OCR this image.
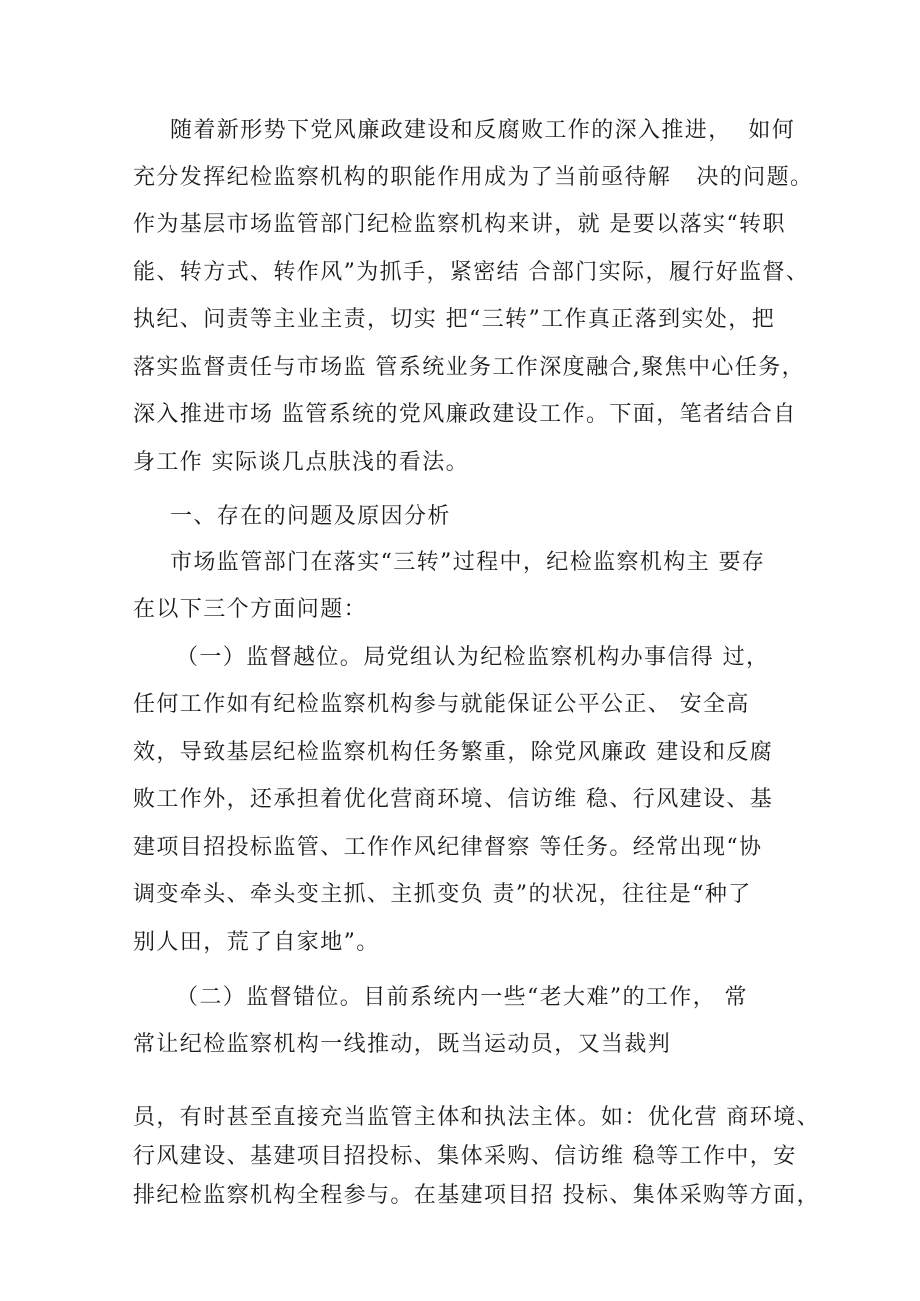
随着新形势下党风廉政建设和反腐败工作的深入推进，  如何
充分发挥纪检监察机构的职能作用成为了当前亟待解   决的问题。
作为基层市场监管部门纪检监察机构来讲，就 是要以落实“转职
能、转方式、转作风”为抓手，紧密结 合部门实际，履行好监督、
执纪、问责等主业主责，切实 把“三转”工作真正落到实处，把
落实监督责任与市场监 管系统业务工作深度融合,聚焦中心任务，
深入推进市场 监管系统的党风廉政建设工作。下面，笔者结合自
身工作 实际谈几点肤浅的看法。
一、存在的问题及原因分析
市场监管部门在落实“三转”过程中，纪检监察机构主 要存
在以下三个方面问题：
（一）监督越位。局党组认为纪检监察机构办事信得 过，
任何工作如有纪检监察机构参与就能保证公平公正、 安全高
效，导致基层纪检监察机构任务繁重，除党风廉政 建设和反腐
败工作外，还承担着优化营商环境、信访维 稳、行风建设、基
建项目招投标监管、工作作风纪律督察 等任务。经常出现“协
调变牵头、牵头变主抓、主抓变负 责”的状况，往往是“种了
别人田，荒了自家地”。
（二）监督错位。目前系统内一些“老大难”的工作， 常
常让纪检监察机构一线推动，既当运动员，又当裁判
员，有时甚至直接充当监管主体和执法主体。如：优化营 商环境、
行风建设、基建项目招投标、集体采购、信访维 稳等工作中，安
排纪检监察机构全程参与。在基建项目招 投标、集体采购等方面，
